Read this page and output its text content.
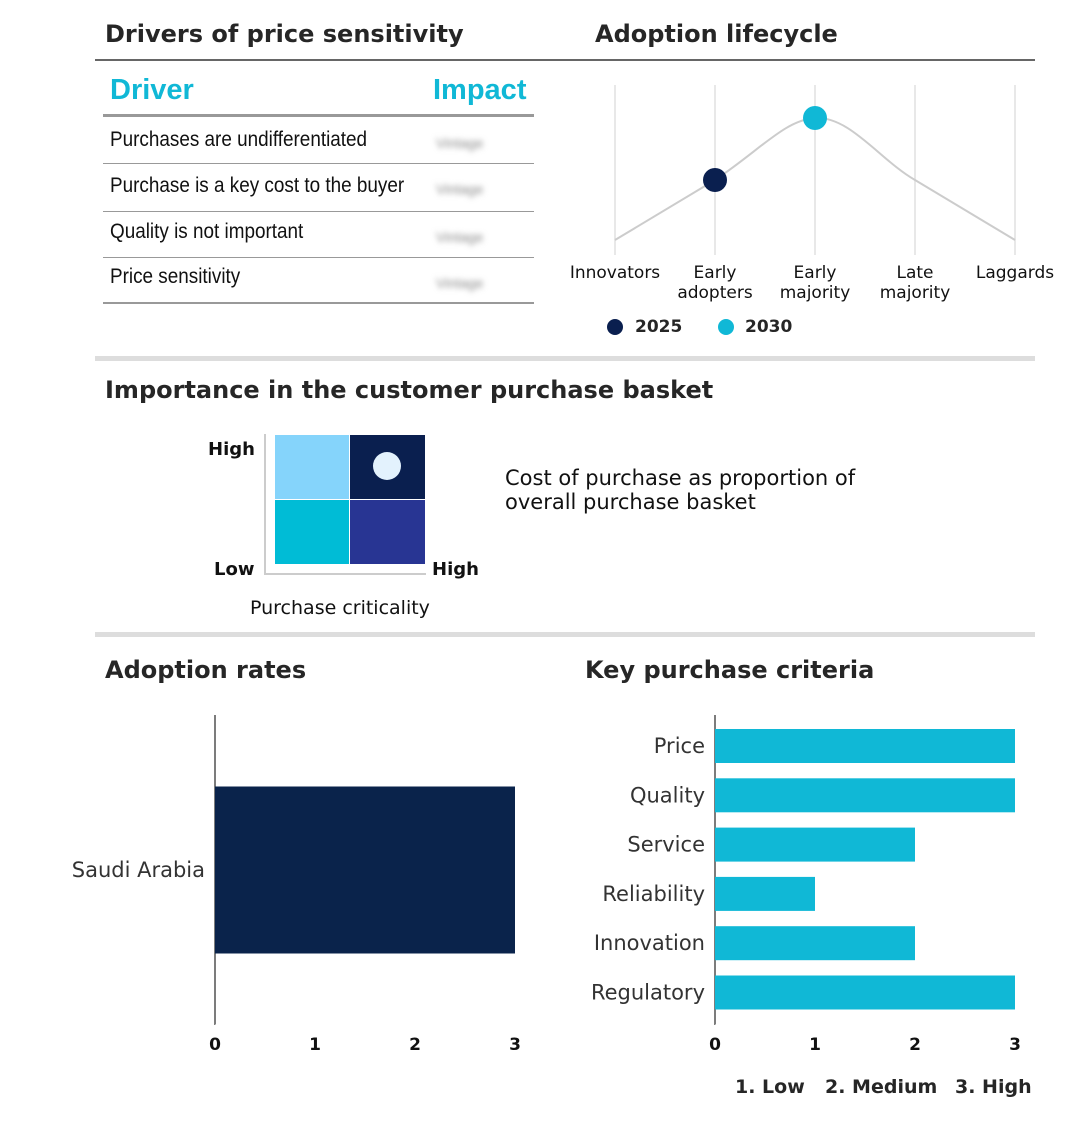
Drivers of price sensitivity	Adoption lifecycle
Driver	Impact
Purchases are undifferentiated	Vintage
Purchase is a key cost to the buyer Vintage
Quality is not important	Vintage
Price sensitivity	Vintage	Innovators	Early
adopters
Early
majority
Late
majority
Laggards
2025	2030
Importance in the customer purchase basket
High
Low	High
Purchase criticality
Cost of purchase as proportion of overall purchase basket
Adoption rates	Key purchase criteria
0	1	2	3
Saudi Arabia
0	1	2	3
Price
Quality
Service
Reliability
Innovation
Regulatory
1. Low 2. Medium 3. High
